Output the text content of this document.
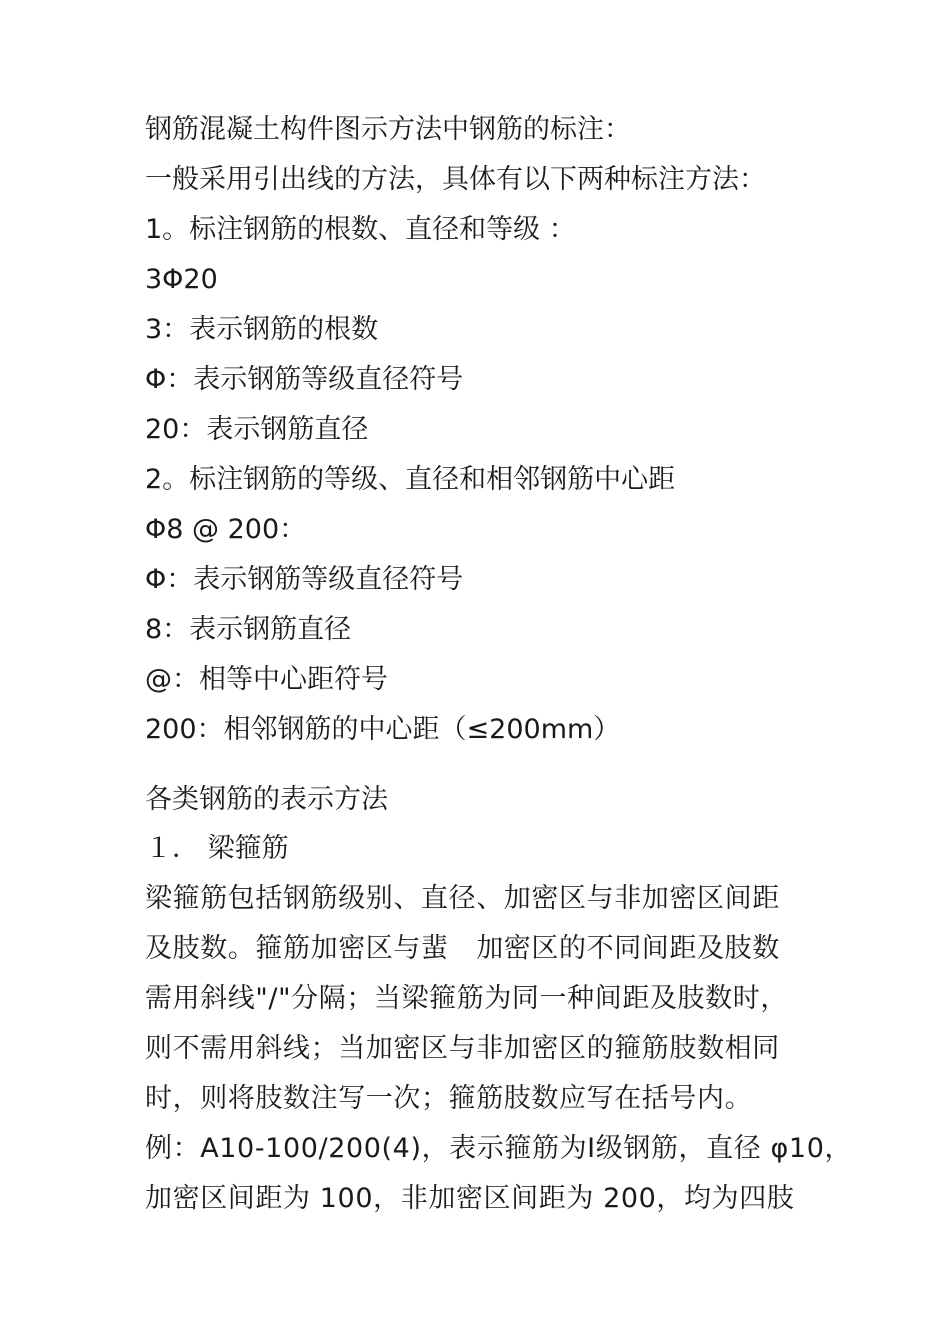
钢筋混凝土构件图示方法中钢筋的标注：

一般采用引出线的方法，具体有以下两种标注方法：

1。标注钢筋的根数、直径和等级 ：

3Φ20

3：表示钢筋的根数

Φ：表示钢筋等级直径符号

20：表示钢筋直径

2。标注钢筋的等级、直径和相邻钢筋中心距

Φ8 @ 200：

Φ：表示钢筋等级直径符号

8：表示钢筋直径

@：相等中心距符号

200：相邻钢筋的中心距（≤200mm）

各类钢筋的表示方法

１． 梁箍筋

梁箍筋包括钢筋级别、直径、加密区与非加密区间距

及肢数。箍筋加密区与蜚　加密区的不同间距及肢数

需用斜线"/"分隔；当梁箍筋为同一种间距及肢数时，

则不需用斜线；当加密区与非加密区的箍筋肢数相同

时，则将肢数注写一次；箍筋肢数应写在括号内。

例：A10-100/200(4)，表示箍筋为Ⅰ级钢筋，直径 φ10，

加密区间距为 100，非加密区间距为 200，均为四肢
